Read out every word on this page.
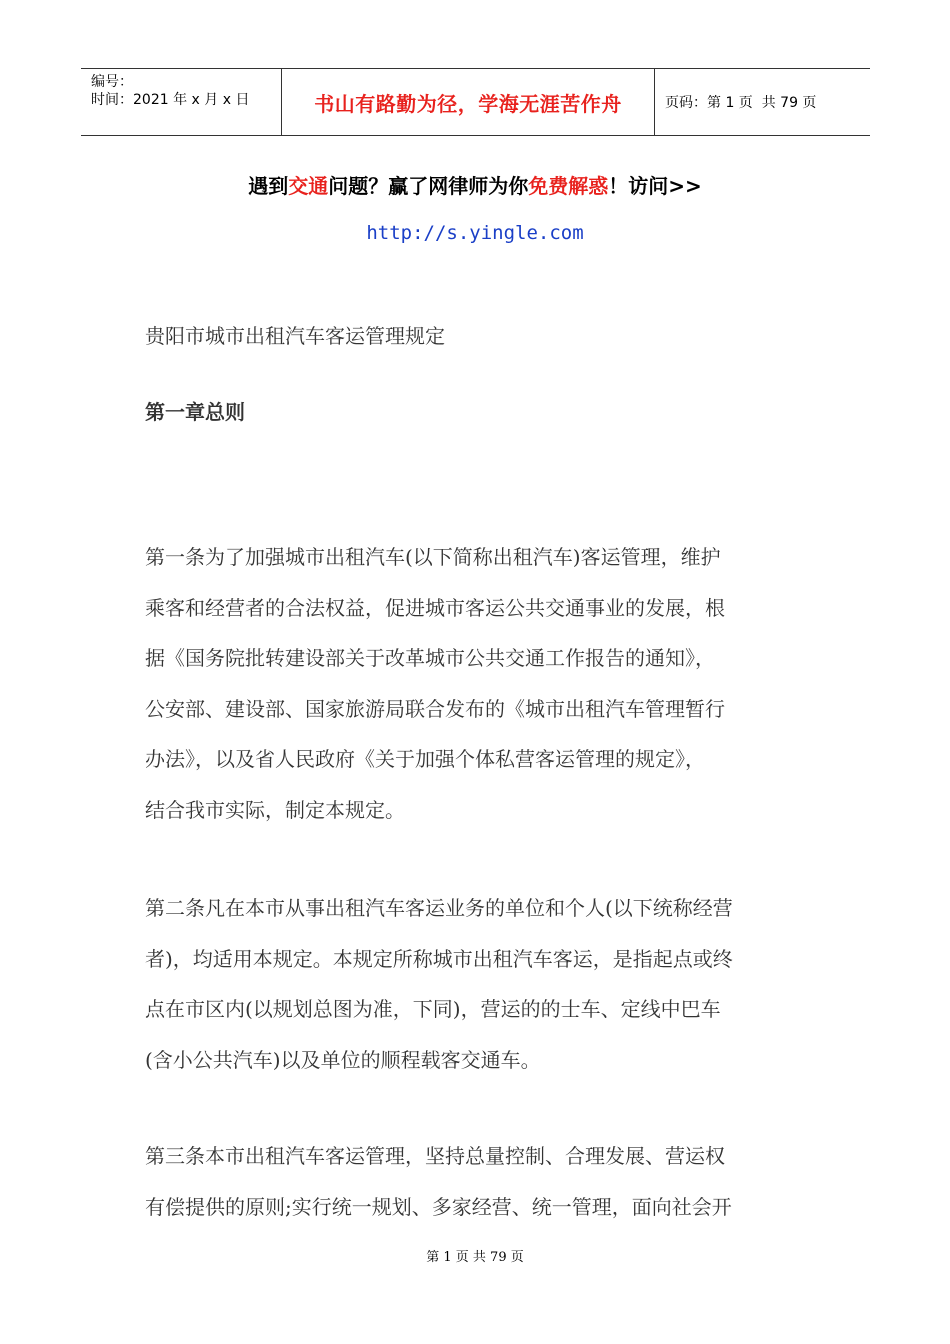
编号：
时间：2021 年 x 月 x 日	书山有路勤为径，学海无涯苦作舟	页码：第 1 页  共 79 页
遇到交通问题？赢了网律师为你免费解惑！访问>>
http://s.yingle.com
贵阳市城市出租汽车客运管理规定
第一章总则
第一条为了加强城市出租汽车(以下简称出租汽车)客运管理，维护
乘客和经营者的合法权益，促进城市客运公共交通事业的发展，根
据《国务院批转建设部关于改革城市公共交通工作报告的通知》，
公安部、建设部、国家旅游局联合发布的《城市出租汽车管理暂行
办法》，以及省人民政府《关于加强个体私营客运管理的规定》，
结合我市实际，制定本规定。
第二条凡在本市从事出租汽车客运业务的单位和个人(以下统称经营
者)，均适用本规定。本规定所称城市出租汽车客运，是指起点或终
点在市区内(以规划总图为准，下同)，营运的的士车、定线中巴车
(含小公共汽车)以及单位的顺程载客交通车。
第三条本市出租汽车客运管理，坚持总量控制、合理发展、营运权
有偿提供的原则;实行统一规划、多家经营、统一管理，面向社会开
第 1 页 共 79 页
